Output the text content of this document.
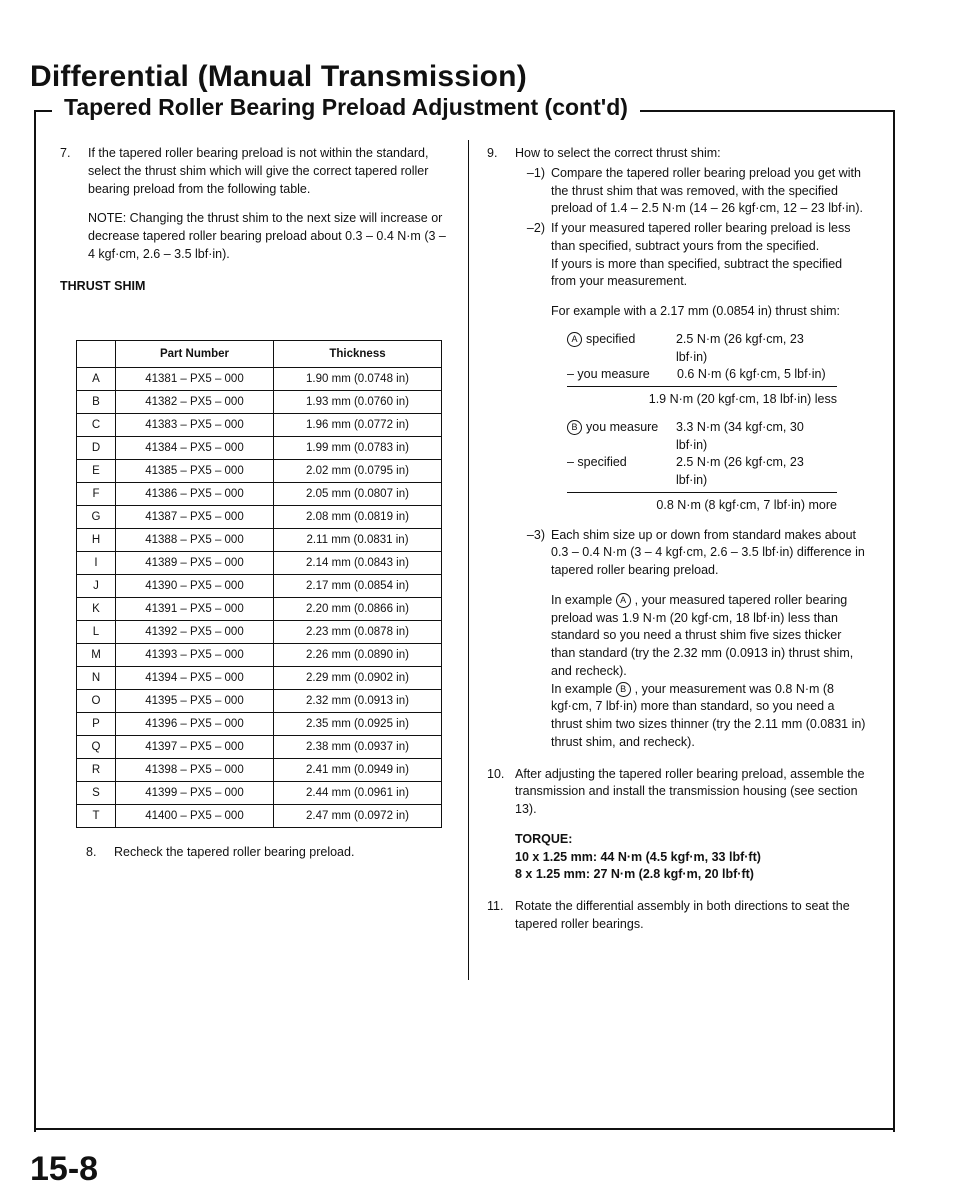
Differential (Manual Transmission)
Tapered Roller Bearing Preload Adjustment (cont'd)
7.	If the tapered roller bearing preload is not within the standard, select the thrust shim which will give the correct tapered roller bearing preload from the following table.

NOTE: Changing the thrust shim to the next size will increase or decrease tapered roller bearing preload about 0.3 – 0.4 N·m (3 – 4 kgf·cm, 2.6 – 3.5 lbf·in).

THRUST SHIM

	Part Number	Thickness
A	41381 – PX5 – 000	1.90 mm (0.0748 in)
B	41382 – PX5 – 000	1.93 mm (0.0760 in)
C	41383 – PX5 – 000	1.96 mm (0.0772 in)
D	41384 – PX5 – 000	1.99 mm (0.0783 in)
E	41385 – PX5 – 000	2.02 mm (0.0795 in)
F	41386 – PX5 – 000	2.05 mm (0.0807 in)
G	41387 – PX5 – 000	2.08 mm (0.0819 in)
H	41388 – PX5 – 000	2.11 mm (0.0831 in)
I	41389 – PX5 – 000	2.14 mm (0.0843 in)
J	41390 – PX5 – 000	2.17 mm (0.0854 in)
K	41391 – PX5 – 000	2.20 mm (0.0866 in)
L	41392 – PX5 – 000	2.23 mm (0.0878 in)
M	41393 – PX5 – 000	2.26 mm (0.0890 in)
N	41394 – PX5 – 000	2.29 mm (0.0902 in)
O	41395 – PX5 – 000	2.32 mm (0.0913 in)
P	41396 – PX5 – 000	2.35 mm (0.0925 in)
Q	41397 – PX5 – 000	2.38 mm (0.0937 in)
R	41398 – PX5 – 000	2.41 mm (0.0949 in)
S	41399 – PX5 – 000	2.44 mm (0.0961 in)
T	41400 – PX5 – 000	2.47 mm (0.0972 in)
8.	Recheck the tapered roller bearing preload.

9.	How to select the correct thrust shim:

–1) Compare the tapered roller bearing preload you get with the thrust shim that was removed, with the specified preload of 1.4 – 2.5 N·m (14 – 26 kgf·cm, 12 – 23 lbf·in).

–2) If your measured tapered roller bearing preload is less than specified, subtract yours from the specified.

If yours is more than specified, subtract the specified from your measurement.

For example with a 2.17 mm (0.0854 in) thrust shim:

A specified	2.5 N·m (26 kgf·cm, 23 lbf·in)
– you measure	0.6 N·m (6 kgf·cm, 5 lbf·in)
1.9 N·m (20 kgf·cm, 18 lbf·in) less
B you measure	3.3 N·m (34 kgf·cm, 30 lbf·in)
– specified	2.5 N·m (26 kgf·cm, 23 lbf·in)
0.8 N·m (8 kgf·cm, 7 lbf·in) more
–3) Each shim size up or down from standard makes about 0.3 – 0.4 N·m (3 – 4 kgf·cm, 2.6 – 3.5 lbf·in) difference in tapered roller bearing preload.

In example A , your measured tapered roller bearing preload was 1.9 N·m (20 kgf·cm, 18 lbf·in) less than standard so you need a thrust shim five sizes thicker than standard (try the 2.32 mm (0.0913 in) thrust shim, and recheck).

In example B , your measurement was 0.8 N·m (8 kgf·cm, 7 lbf·in) more than standard, so you need a thrust shim two sizes thinner (try the 2.11 mm (0.0831 in) thrust shim, and recheck).

10. After adjusting the tapered roller bearing preload, assemble the transmission and install the transmission housing (see section 13).

TORQUE:

10 x 1.25 mm: 44 N·m (4.5 kgf·m, 33 lbf·ft)

8 x 1.25 mm: 27 N·m (2.8 kgf·m, 20 lbf·ft)

11. Rotate the differential assembly in both directions to seat the tapered roller bearings.

15-8
